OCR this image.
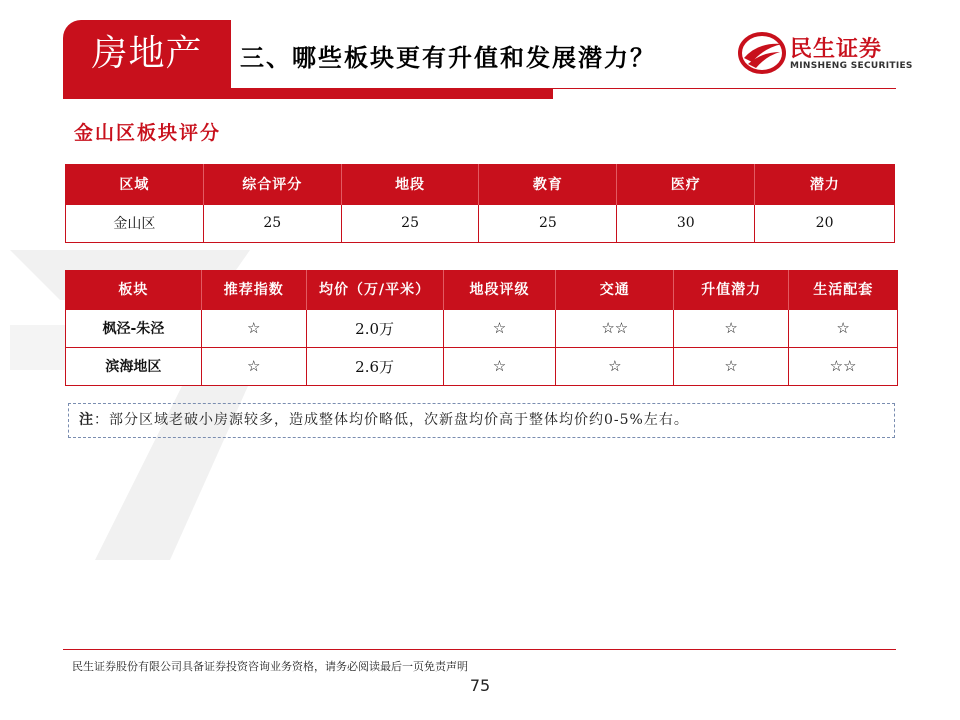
房地产	三、哪些板块更有升值和发展潜力？	民生证券
MINSHENG SECURITIES
金山区板块评分
区域	综合评分	地段	教育	医疗	潜力
金山区	25	25	25	30	20
板块	推荐指数	均价（万/平米）	地段评级	交通	升值潜力	生活配套
枫泾-朱泾	☆	2.0万	☆	☆☆	☆	☆
滨海地区	☆	2.6万	☆	☆	☆	☆☆
注：部分区域老破小房源较多，造成整体均价略低，次新盘均价高于整体均价约0-5%左右。
民生证券股份有限公司具备证券投资咨询业务资格，请务必阅读最后一页免责声明
75
